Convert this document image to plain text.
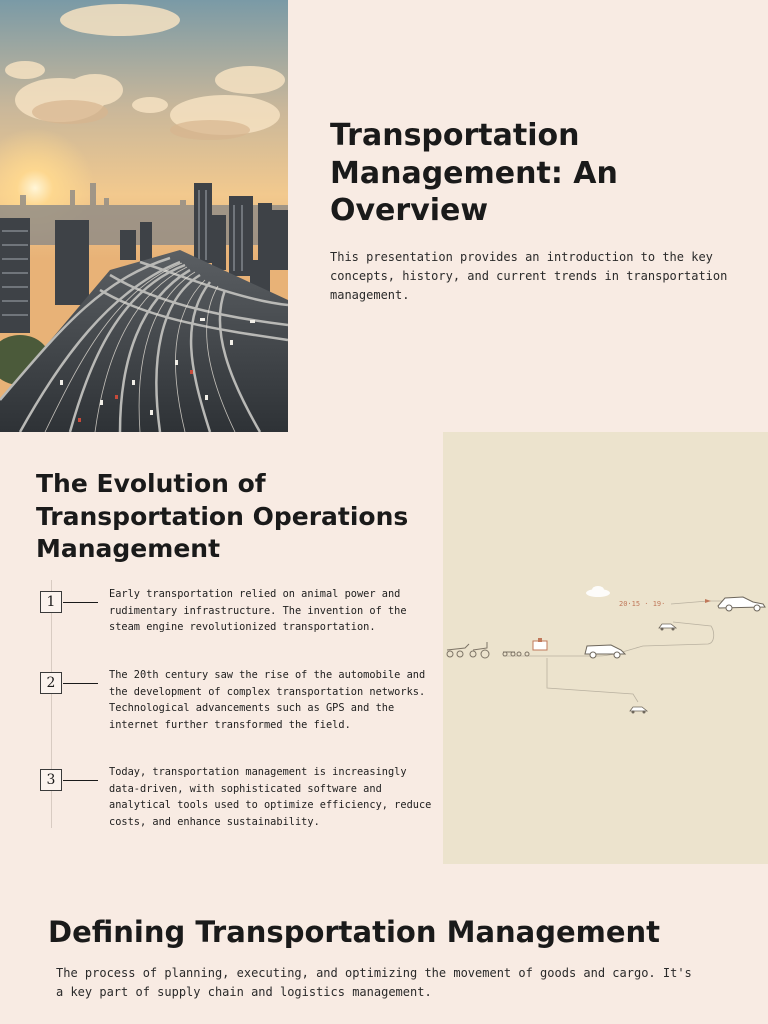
Transportation Management: An Overview

This presentation provides an introduction to the key concepts, history, and current trends in transportation management.

The Evolution of Transportation Operations Management
1	Early transportation relied on animal power and rudimentary infrastructure. The invention of the steam engine revolutionized transportation.

2	The 20th century saw the rise of the automobile and the development of complex transportation networks. Technological advancements such as GPS and the internet further transformed the field.

3	Today, transportation management is increasingly data-driven, with sophisticated software and analytical tools used to optimize efficiency, reduce costs, and enhance sustainability.

20·15 · 19·
Defining Transportation Management

The process of planning, executing, and optimizing the movement of goods and cargo. It's a key part of supply chain and logistics management.
